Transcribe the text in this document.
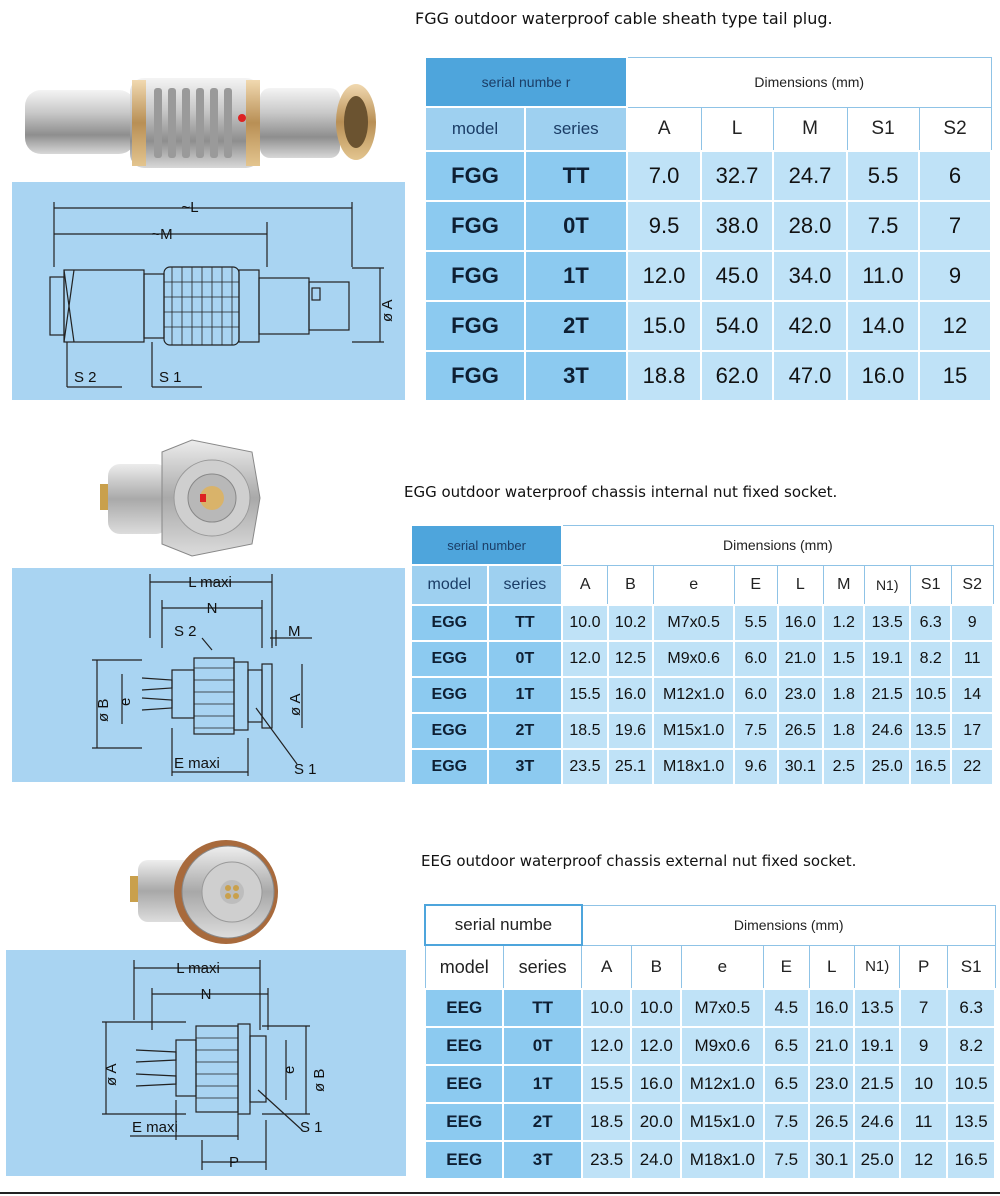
FGG outdoor waterproof cable sheath type tail plug.
~L
~M
ø A
S 2	S 1
serial numbe r		Dimensions (mm)				
model	series	A	L	M	S1	S2
FGG	TT	7.0	32.7	24.7	5.5	6
FGG	0T	9.5	38.0	28.0	7.5	7
FGG	1T	12.0	45.0	34.0	11.0	9
FGG	2T	15.0	54.0	42.0	14.0	12
FGG	3T	18.8	62.0	47.0	16.0	15
EGG outdoor waterproof chassis internal nut fixed socket.
L maxi
N
S 2	M
ø B e	ø A
E maxi	S 1
serial number		Dimensions (mm)								
model	series	A	B	e	E	L	M	N1)	S1	S2
EGG	TT	10.0	10.2	M7x0.5	5.5	16.0	1.2	13.5	6.3	9
EGG	0T	12.0	12.5	M9x0.6	6.0	21.0	1.5	19.1	8.2	11
EGG	1T	15.5	16.0	M12x1.0	6.0	23.0	1.8	21.5	10.5	14
EGG	2T	18.5	19.6	M15x1.0	7.5	26.5	1.8	24.6	13.5	17
EGG	3T	23.5	25.1	M18x1.0	9.6	30.1	2.5	25.0	16.5	22
EEG outdoor waterproof chassis external nut fixed socket.
L maxi
N
ø A	e ø B
E maxi	S 1
P
serial numbe		Dimensions (mm)							
model	series	A	B	e	E	L	N1)	P	S1
EEG	TT	10.0	10.0	M7x0.5	4.5	16.0	13.5	7	6.3
EEG	0T	12.0	12.0	M9x0.6	6.5	21.0	19.1	9	8.2
EEG	1T	15.5	16.0	M12x1.0	6.5	23.0	21.5	10	10.5
EEG	2T	18.5	20.0	M15x1.0	7.5	26.5	24.6	11	13.5
EEG	3T	23.5	24.0	M18x1.0	7.5	30.1	25.0	12	16.5
